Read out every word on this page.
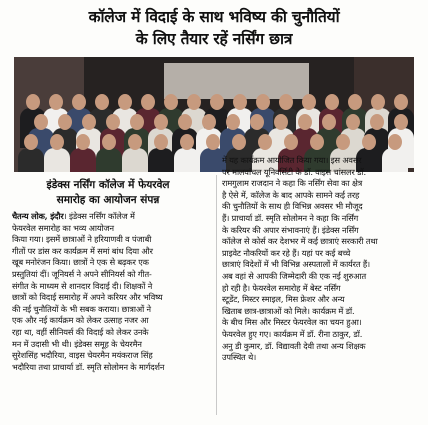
कॉलेज में विदाई के साथ भविष्य की चुनौतियों
के लिए तैयार रहें नर्सिंग छात्र
इंडेक्स नर्सिंग कॉलेज में फेयरवेल
समारोह का आयोजन संपन्न
चैतन्य लोक, इंदौर। इंडेक्स नर्सिंग कॉलेज में
फेयरवेल समारोह का भव्य आयोजन
किया गया। इसमें छात्राओं ने हरियाणवी व पंजाबी
गीतों पर डांस कर कार्यक्रम में समां बांध दिया और
खूब मनोरंजन किया। छात्रों ने एक से बढ़कर एक
प्रस्तुतियां दीं। जूनियर्स ने अपने सीनियर्स को गीत-
संगीत के माध्यम से शानदार विदाई दी। शिक्षकों ने
छात्रों को विदाई समारोह में अपने करियर और भविष्य
की नई चुनौतियों के भी सबक कराया। छात्राओं ने
एक और नई कार्यक्रम को लेकर उत्साह नजर आ
रहा था, वहीं सीनियर्स की विदाई को लेकर उनके
मन में उदासी भी थी। इंडेक्स समूह के चेयरमैन
सुरेशसिंह भदौरिया, वाइस चेयरमैन मयंकराज सिंह
भदौरिया तथा प्राचार्या डॉ. स्मृति सोलोमन के मार्गदर्शन
में यह कार्यक्रम आयोजित किया गया। इस अवसर
पर मालवांचल यूनिवर्सिटी के डॉ. वाइस चांसलर डॉ.
रामगुलाम राजदान ने कहा कि नर्सिंग सेवा का क्षेत्र
है ऐसे में, कॉलेज के बाद आपके सामने कई तरह
की चुनौतियों के साथ ही विभिन्न अवसर भी मौजूद
हैं। प्राचार्या डॉ. स्मृति सोलोमन ने कहा कि नर्सिंग
के करियर की अपार संभावनाएं हैं। इंडेक्स नर्सिंग
कॉलेज से कोर्स कर देशभर में कई छात्राएं सरकारी तथा
प्राइवेट नौकरियों कर रहे हैं। यहां पर कई बच्चे
छात्राएं विदेशों में भी विभिन्न अस्पतालों में कार्यरत हैं।
अब वहां से आपकी जिम्मेदारी की एक नई शुरुआत
हो रही है। फेयरवेल समारोह में बेस्ट नर्सिंग
स्टूडेंट, मिस्टर स्माइल, मिस फ्रेशर और अन्य
खिताब छात्र-छात्राओं को मिले। कार्यक्रम में डॉ.
के बीच मिस और मिस्टर फेयरवेल का चयन हुआ।
फेयरवेल हुए गए। कार्यक्रम में डॉ. रीना ठाकुर, डॉ.
अनु डी कुमार, डॉ. विद्यावती देवी तथा अन्य शिक्षक
उपस्थित थे।
